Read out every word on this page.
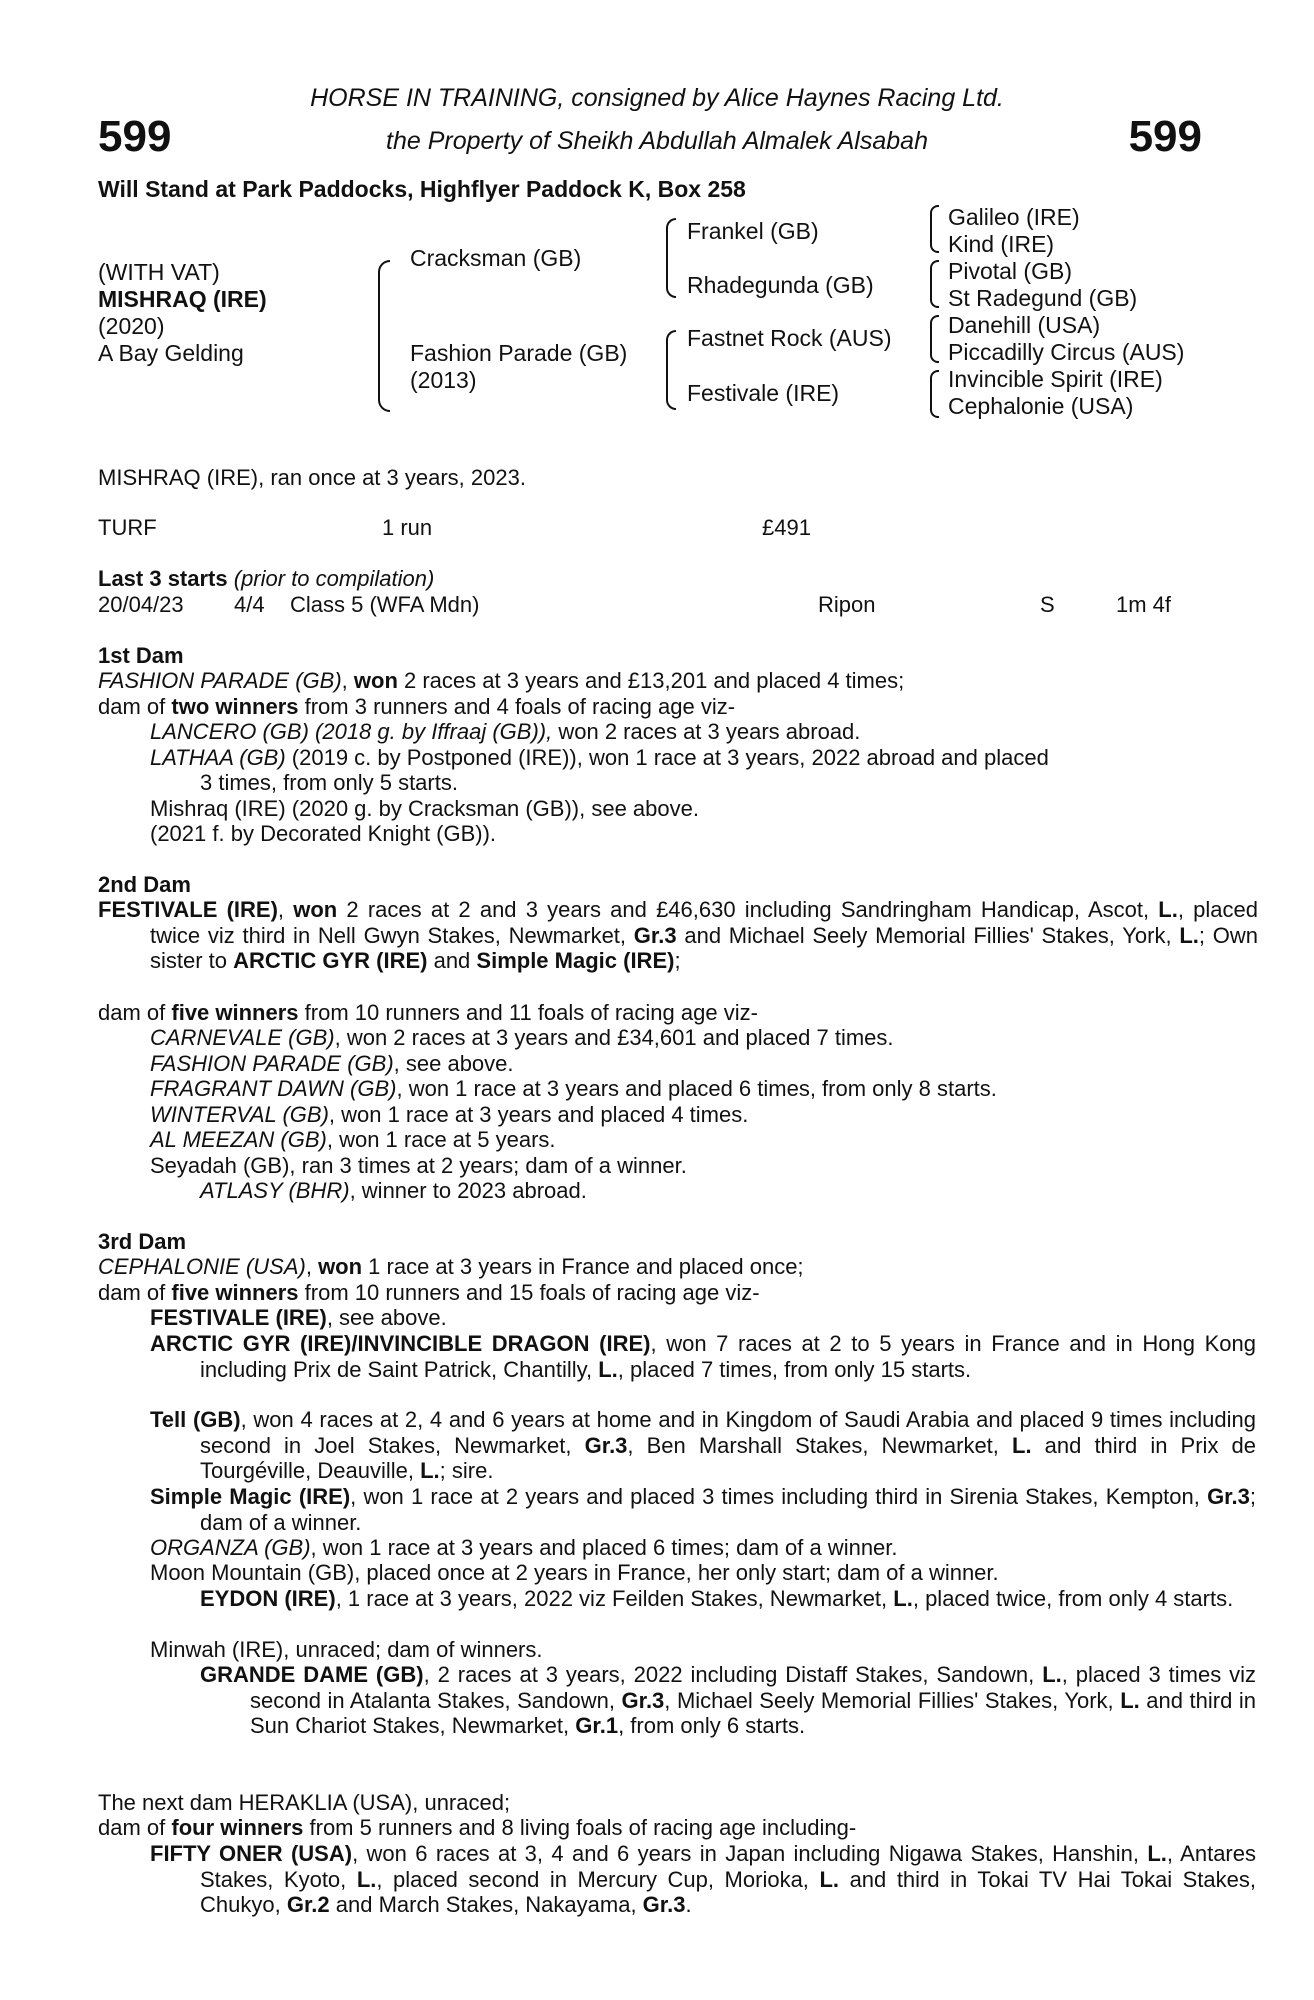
599	599
HORSE IN TRAINING, consigned by Alice Haynes Racing Ltd.
the Property of Sheikh Abdullah Almalek Alsabah
Will Stand at Park Paddocks, Highflyer Paddock K, Box 258
(WITH VAT)
MISHRAQ (IRE)
(2020)
A Bay Gelding
Cracksman (GB)
Fashion Parade (GB)
(2013)
Frankel (GB)
Rhadegunda (GB)
Fastnet Rock (AUS)
Festivale (IRE)
Galileo (IRE)
Kind (IRE)
Pivotal (GB)
St Radegund (GB)
Danehill (USA)
Piccadilly Circus (AUS)
Invincible Spirit (IRE)
Cephalonie (USA)
MISHRAQ (IRE), ran once at 3 years, 2023.
TURF	1 run	£491
Last 3 starts (prior to compilation)
20/04/23 4/4 Class 5 (WFA Mdn)	Ripon	S	1m 4f
1st Dam
FASHION PARADE (GB), won 2 races at 3 years and £13,201 and placed 4 times;
dam of two winners from 3 runners and 4 foals of racing age viz-
LANCERO (GB) (2018 g. by Iffraaj (GB)), won 2 races at 3 years abroad.
LATHAA (GB) (2019 c. by Postponed (IRE)), won 1 race at 3 years, 2022 abroad and placed
3 times, from only 5 starts.
Mishraq (IRE) (2020 g. by Cracksman (GB)), see above.
(2021 f. by Decorated Knight (GB)).
2nd Dam
FESTIVALE (IRE), won 2 races at 2 and 3 years and £46,630 including Sandringham Handicap, Ascot, L., placed twice viz third in Nell Gwyn Stakes, Newmarket, Gr.3 and Michael Seely Memorial Fillies' Stakes, York, L.; Own sister to ARCTIC GYR (IRE) and Simple Magic (IRE);
dam of five winners from 10 runners and 11 foals of racing age viz-
CARNEVALE (GB), won 2 races at 3 years and £34,601 and placed 7 times.
FASHION PARADE (GB), see above.
FRAGRANT DAWN (GB), won 1 race at 3 years and placed 6 times, from only 8 starts.
WINTERVAL (GB), won 1 race at 3 years and placed 4 times.
AL MEEZAN (GB), won 1 race at 5 years.
Seyadah (GB), ran 3 times at 2 years; dam of a winner.
ATLASY (BHR), winner to 2023 abroad.
3rd Dam
CEPHALONIE (USA), won 1 race at 3 years in France and placed once;
dam of five winners from 10 runners and 15 foals of racing age viz-
FESTIVALE (IRE), see above.
ARCTIC GYR (IRE)/INVINCIBLE DRAGON (IRE), won 7 races at 2 to 5 years in France and in Hong Kong including Prix de Saint Patrick, Chantilly, L., placed 7 times, from only 15 starts.
Tell (GB), won 4 races at 2, 4 and 6 years at home and in Kingdom of Saudi Arabia and placed 9 times including second in Joel Stakes, Newmarket, Gr.3, Ben Marshall Stakes, Newmarket, L. and third in Prix de Tourgéville, Deauville, L.; sire.
Simple Magic (IRE), won 1 race at 2 years and placed 3 times including third in Sirenia Stakes, Kempton, Gr.3; dam of a winner.
ORGANZA (GB), won 1 race at 3 years and placed 6 times; dam of a winner.
Moon Mountain (GB), placed once at 2 years in France, her only start; dam of a winner.
EYDON (IRE), 1 race at 3 years, 2022 viz Feilden Stakes, Newmarket, L., placed twice, from only 4 starts.
Minwah (IRE), unraced; dam of winners.
GRANDE DAME (GB), 2 races at 3 years, 2022 including Distaff Stakes, Sandown, L., placed 3 times viz second in Atalanta Stakes, Sandown, Gr.3, Michael Seely Memorial Fillies' Stakes, York, L. and third in Sun Chariot Stakes, Newmarket, Gr.1, from only 6 starts.
The next dam HERAKLIA (USA), unraced;
dam of four winners from 5 runners and 8 living foals of racing age including-
FIFTY ONER (USA), won 6 races at 3, 4 and 6 years in Japan including Nigawa Stakes, Hanshin, L., Antares Stakes, Kyoto, L., placed second in Mercury Cup, Morioka, L. and third in Tokai TV Hai Tokai Stakes, Chukyo, Gr.2 and March Stakes, Nakayama, Gr.3.
